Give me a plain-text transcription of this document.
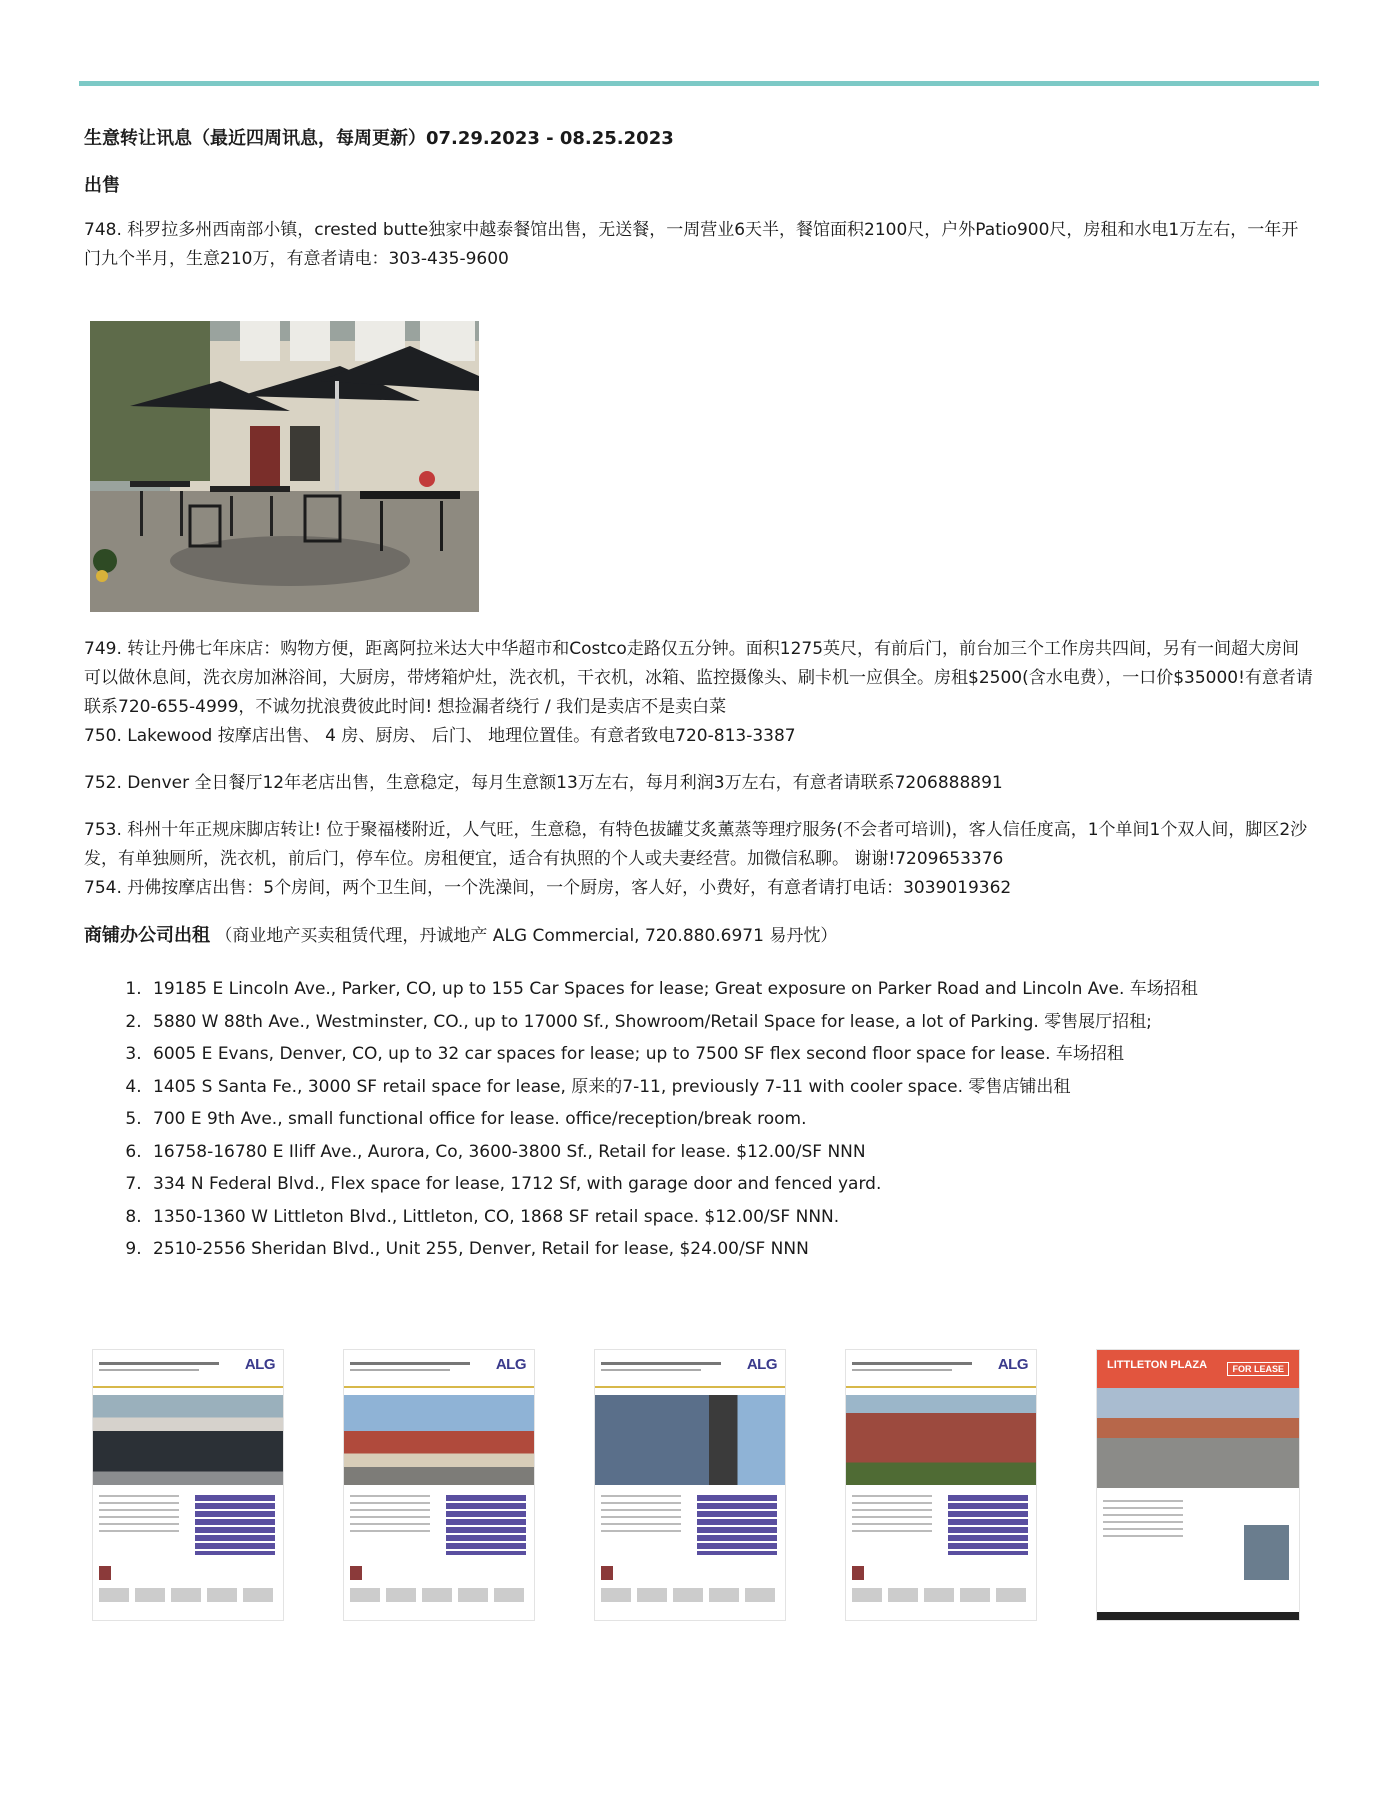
生意转让讯息（最近四周讯息，每周更新）07.29.2023 - 08.25.2023

出售

748. 科罗拉多州西南部小镇，crested butte独家中越泰餐馆出售，无送餐，一周营业6天半，餐馆面积2100尺，户外Patio900尺，房租和水电1万左右，一年开门九个半月，生意210万，有意者请电：303-435-9600

749. 转让丹佛七年床店：购物方便，距离阿拉米达大中华超市和Costco走路仅五分钟。面积1275英尺，有前后门，前台加三个工作房共四间，另有一间超大房间可以做休息间，洗衣房加淋浴间，大厨房，带烤箱炉灶，洗衣机，干衣机，冰箱、监控摄像头、刷卡机一应俱全。房租$2500(含水电费），一口价$35000!有意者请联系720-655-4999，不诚勿扰浪费彼此时间! 想捡漏者绕行 / 我们是卖店不是卖白菜

750. Lakewood 按摩店出售、 4 房、厨房、 后门、 地理位置佳。有意者致电720-813-3387

752. Denver 全日餐厅12年老店出售，生意稳定，每月生意额13万左右，每月利润3万左右，有意者请联系7206888891

753. 科州十年正规床脚店转让! 位于聚福楼附近，人气旺，生意稳，有特色拔罐艾炙薰蒸等理疗服务(不会者可培训)，客人信任度高，1个单间1个双人间，脚区2沙发，有单独厕所，洗衣机，前后门，停车位。房租便宜，适合有执照的个人或夫妻经营。加微信私聊。 谢谢!7209653376

754. 丹佛按摩店出售：5个房间，两个卫生间，一个洗澡间，一个厨房，客人好，小费好，有意者请打电话：3039019362

商铺办公司出租 （商业地产买卖租赁代理，丹诚地产 ALG Commercial, 720.880.6971 易丹忱）

1. 19185 E Lincoln Ave., Parker, CO, up to 155 Car Spaces for lease; Great exposure on Parker Road and Lincoln Ave. 车场招租
2. 5880 W 88th Ave., Westminster, CO., up to 17000 Sf., Showroom/Retail Space for lease, a lot of Parking. 零售展厅招租;
3. 6005 E Evans, Denver, CO, up to 32 car spaces for lease; up to 7500 SF flex second floor space for lease. 车场招租
4. 1405 S Santa Fe., 3000 SF retail space for lease, 原来的7-11, previously 7-11 with cooler space. 零售店铺出租
5. 700 E 9th Ave., small functional office for lease. office/reception/break room.
6. 16758-16780 E Iliff Ave., Aurora, Co, 3600-3800 Sf., Retail for lease. $12.00/SF NNN
7. 334 N Federal Blvd., Flex space for lease, 1712 Sf, with garage door and fenced yard.
8. 1350-1360 W Littleton Blvd., Littleton, CO, 1868 SF retail space. $12.00/SF NNN.
9. 2510-2556 Sheridan Blvd., Unit 255, Denver, Retail for lease, $24.00/SF NNN
ALG	ALG	ALG	ALG	LITTLETON PLAZA	FOR LEASE
